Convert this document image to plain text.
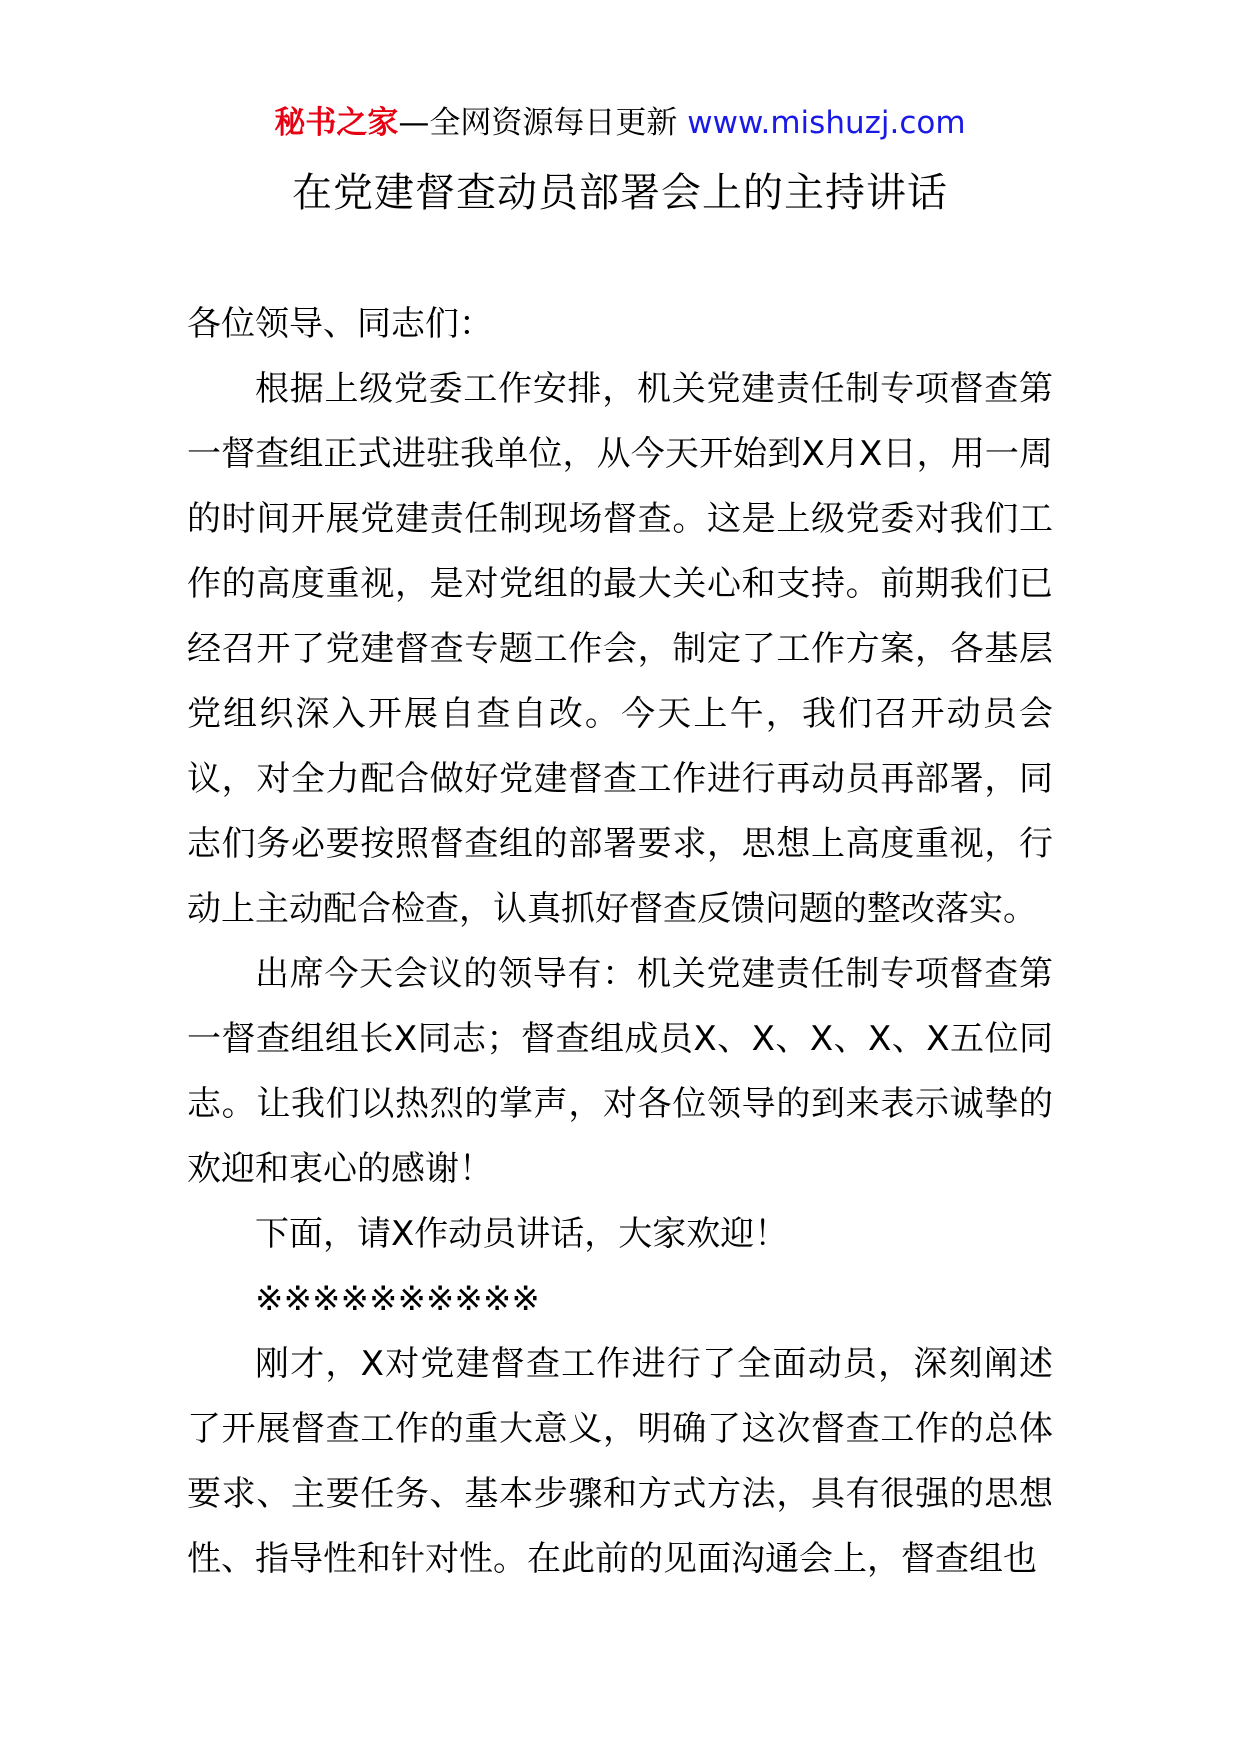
秘书之家—全网资源每日更新 www.mishuzj.com
在党建督查动员部署会上的主持讲话

各位领导、同志们：

根据上级党委工作安排，机关党建责任制专项督查第一督查组正式进驻我单位，从今天开始到X月X日，用一周的时间开展党建责任制现场督查。这是上级党委对我们工作的高度重视，是对党组的最大关心和支持。前期我们已经召开了党建督查专题工作会，制定了工作方案，各基层党组织深入开展自查自改。今天上午，我们召开动员会议，对全力配合做好党建督查工作进行再动员再部署，同志们务必要按照督查组的部署要求，思想上高度重视，行动上主动配合检查，认真抓好督查反馈问题的整改落实。

出席今天会议的领导有：机关党建责任制专项督查第一督查组组长X同志；督查组成员X、X、X、X、X五位同志。让我们以热烈的掌声，对各位领导的到来表示诚挚的欢迎和衷心的感谢！

下面，请X作动员讲话，大家欢迎！

※※※※※※※※※※

刚才，X对党建督查工作进行了全面动员，深刻阐述了开展督查工作的重大意义，明确了这次督查工作的总体要求、主要任务、基本步骤和方式方法，具有很强的思想性、指导性和针对性。在此前的见面沟通会上，督查组也
